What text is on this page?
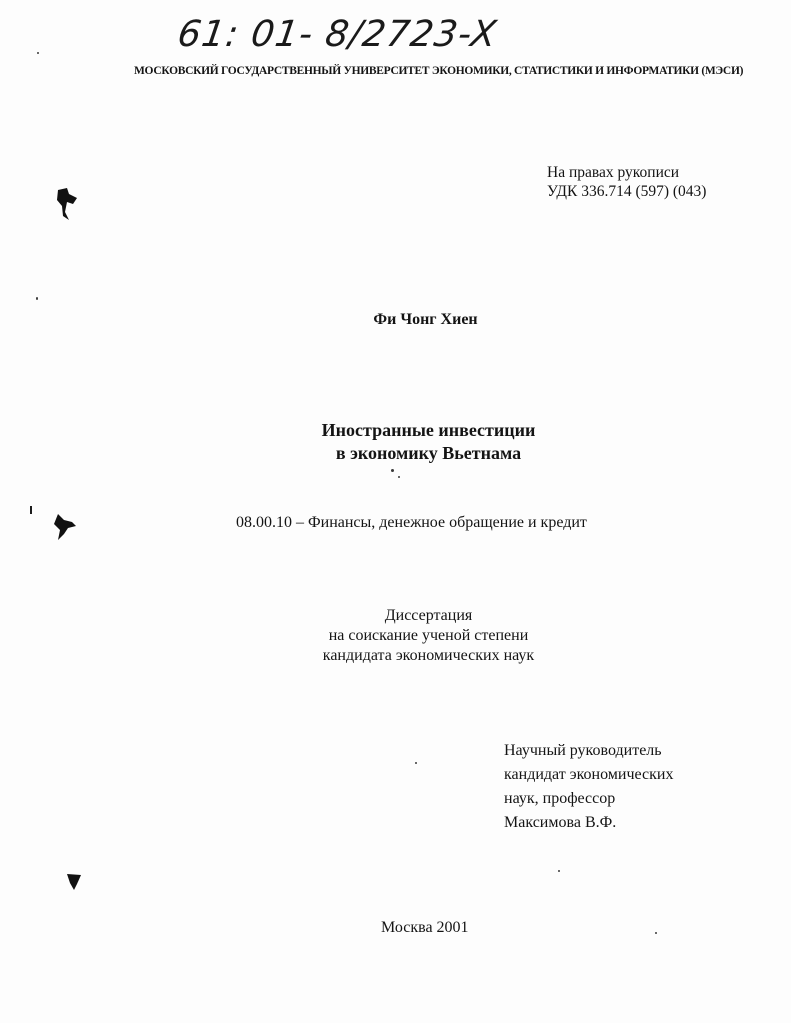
61: 01- 8/2723-X
МОСКОВСКИЙ ГОСУДАРСТВЕННЫЙ УНИВЕРСИТЕТ ЭКОНОМИКИ, СТАТИСТИКИ И ИНФОРМАТИКИ (МЭСИ)
На правах рукописи
УДК 336.714 (597) (043)
Фи Чонг Хиен
Иностранные инвестиции
в экономику Вьетнама
08.00.10 – Финансы, денежное обращение и кредит
Диссертация
на соискание ученой степени
кандидата экономических наук
Научный руководитель
кандидат экономических
наук, профессор
Максимова В.Ф.
Москва 2001
